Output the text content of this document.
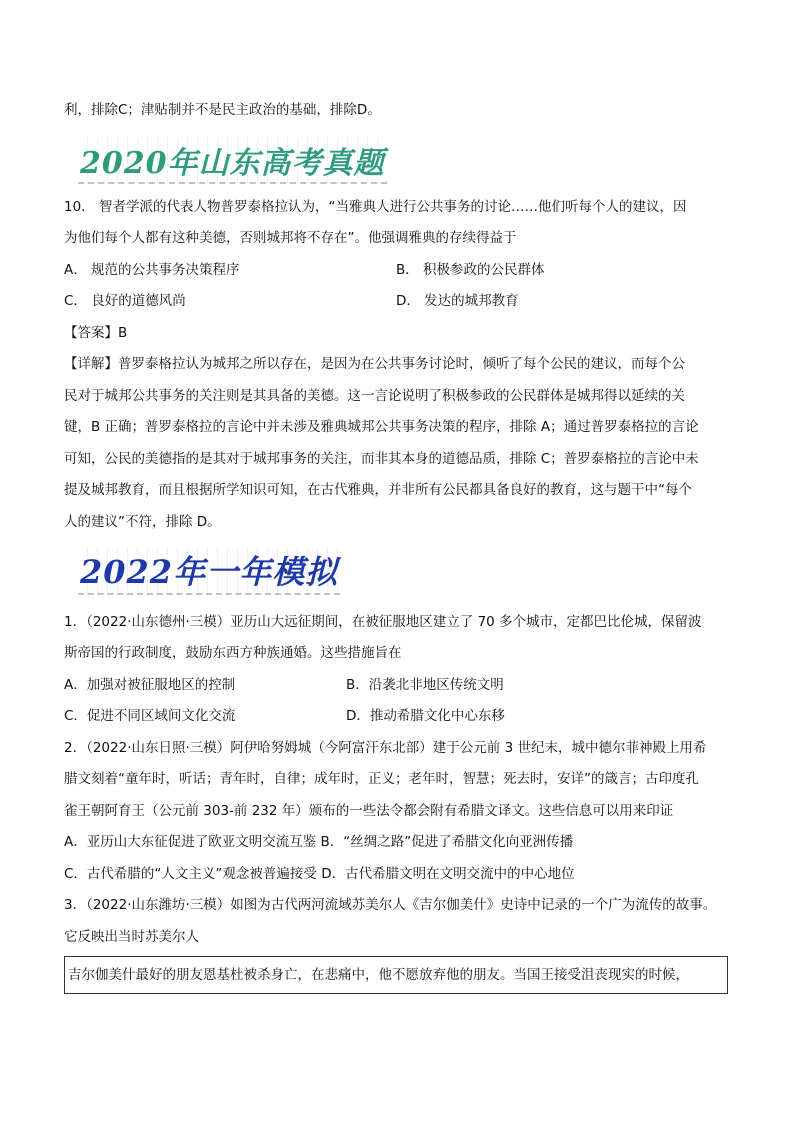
利，排除C；津贴制并不是民主政治的基础，排除D。
2020年山东高考真题
10． 智者学派的代表人物普罗泰格拉认为，“当雅典人进行公共事务的讨论……他们听每个人的建议，因
为他们每个人都有这种美德，否则城邦将不存在”。他强调雅典的存续得益于
A． 规范的公共事务决策程序	B． 积极参政的公民群体
C． 良好的道德风尚	D． 发达的城邦教育
【答案】B
【详解】普罗泰格拉认为城邦之所以存在，是因为在公共事务讨论时，倾听了每个公民的建议，而每个公
民对于城邦公共事务的关注则是其具备的美德。这一言论说明了积极参政的公民群体是城邦得以延续的关
键，B 正确；普罗泰格拉的言论中并未涉及雅典城邦公共事务决策的程序，排除 A；通过普罗泰格拉的言论
可知，公民的美德指的是其对于城邦事务的关注，而非其本身的道德品质，排除 C；普罗泰格拉的言论中未
提及城邦教育，而且根据所学知识可知，在古代雅典，并非所有公民都具备良好的教育，这与题干中“每个
人的建议”不符，排除 D。
2022年一年模拟
1．（2022·山东德州·三模）亚历山大远征期间，在被征服地区建立了 70 多个城市，定都巴比伦城，保留波
斯帝国的行政制度，鼓励东西方种族通婚。这些措施旨在
A．加强对被征服地区的控制	B．沿袭北非地区传统文明
C．促进不同区域间文化交流	D．推动希腊文化中心东移
2．（2022·山东日照·三模）阿伊哈努姆城（今阿富汗东北部）建于公元前 3 世纪末，城中德尔菲神殿上用希
腊文刻着“童年时，听话；青年时，自律；成年时，正义；老年时，智慧；死去时，安详”的箴言；古印度孔
雀王朝阿育王（公元前 303-前 232 年）颁布的一些法令都会附有希腊文译文。这些信息可以用来印证
A．亚历山大东征促进了欧亚文明交流互鉴 B．“丝绸之路”促进了希腊文化向亚洲传播
C．古代希腊的“人文主义”观念被普遍接受 D．古代希腊文明在文明交流中的中心地位
3．（2022·山东潍坊·三模）如图为古代两河流域苏美尔人《吉尔伽美什》史诗中记录的一个广为流传的故事。
它反映出当时苏美尔人
吉尔伽美什最好的朋友恩基杜被杀身亡，在悲痛中，他不愿放弃他的朋友。当国王接受沮丧现实的时候，
